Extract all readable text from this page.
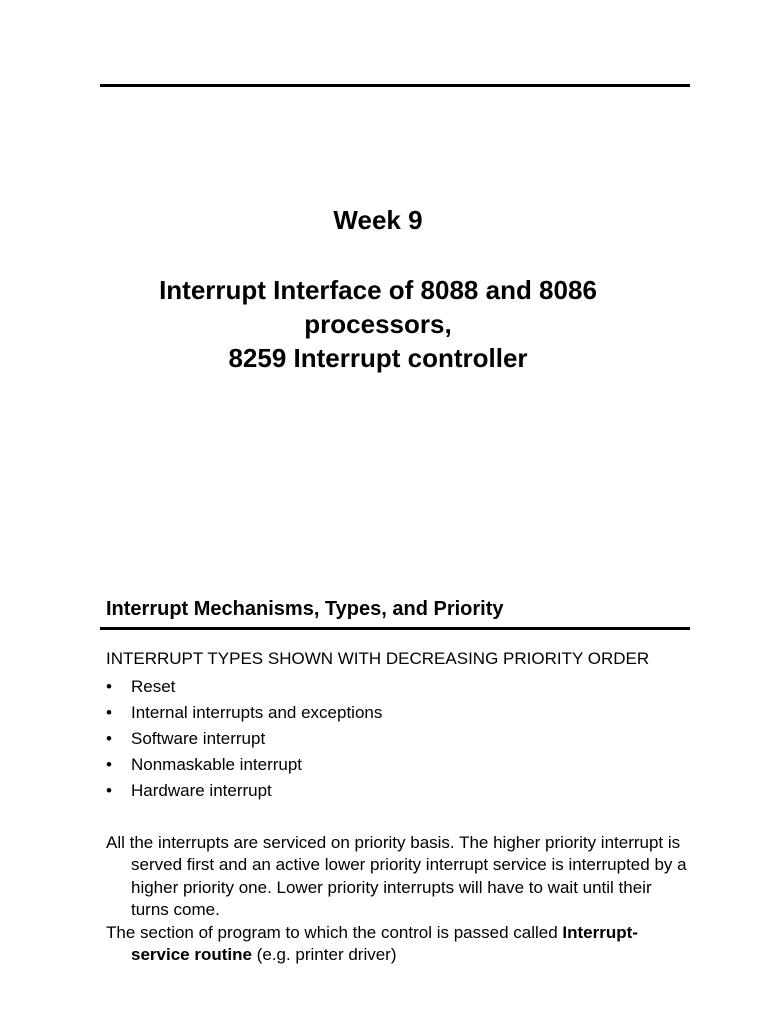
Week 9

Interrupt Interface of 8088 and 8086
processors,
8259 Interrupt controller

Interrupt Mechanisms, Types, and Priority

INTERRUPT TYPES SHOWN WITH DECREASING PRIORITY ORDER

• Reset
• Internal interrupts and exceptions
• Software interrupt
• Nonmaskable interrupt
• Hardware interrupt

All the interrupts are serviced on priority basis. The higher priority interrupt is served first and an active lower priority interrupt service is interrupted by a higher priority one. Lower priority interrupts will have to wait until their turns come.

The section of program to which the control is passed called Interrupt-service routine (e.g. printer driver)
